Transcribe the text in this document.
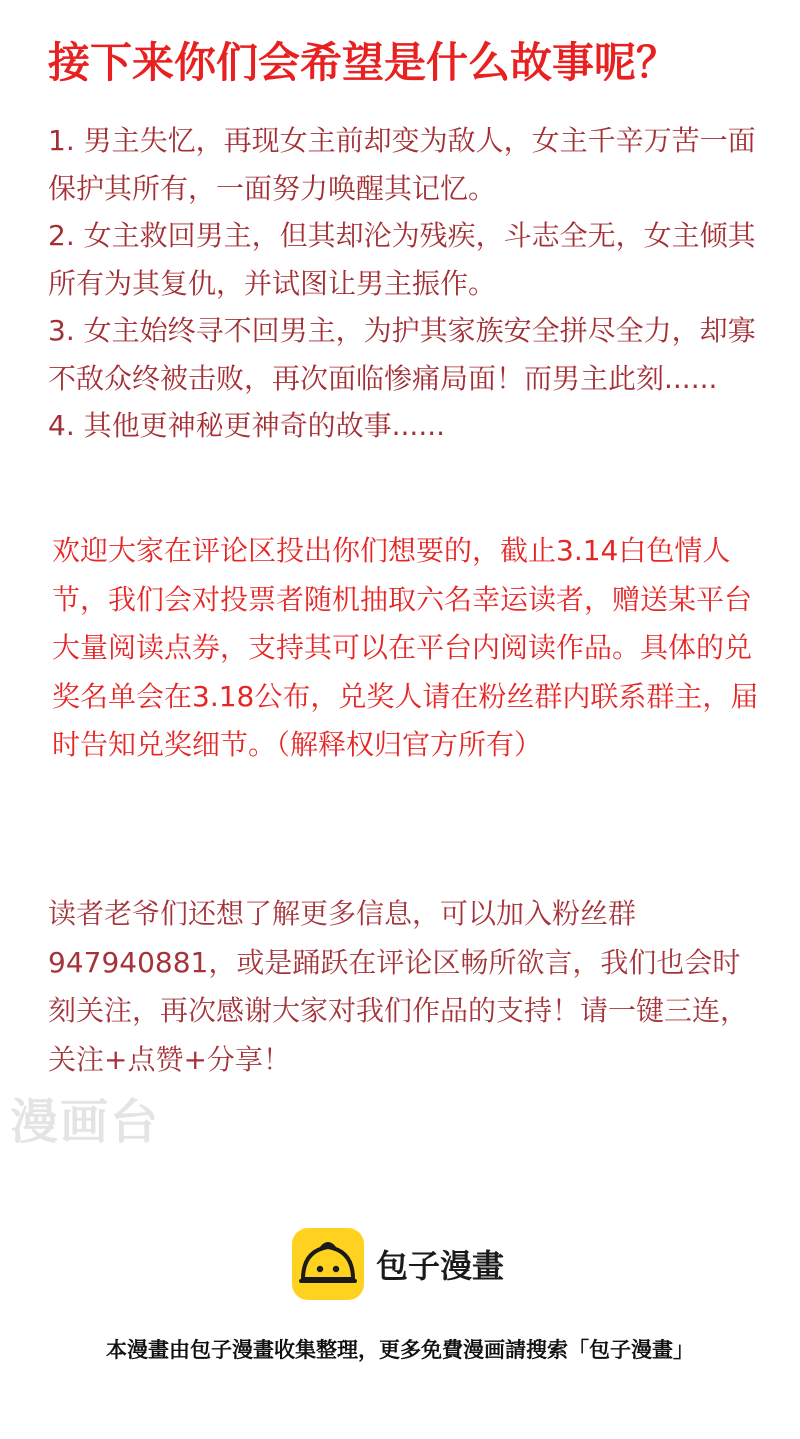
接下来你们会希望是什么故事呢？
1. 男主失忆，再现女主前却变为敌人，女主千辛万苦一面保护其所有，一面努力唤醒其记忆。
2. 女主救回男主，但其却沦为残疾，斗志全无，女主倾其所有为其复仇，并试图让男主振作。
3. 女主始终寻不回男主，为护其家族安全拼尽全力，却寡不敌众终被击败，再次面临惨痛局面！而男主此刻......
4. 其他更神秘更神奇的故事......

欢迎大家在评论区投出你们想要的，截止3.14白色情人节，我们会对投票者随机抽取六名幸运读者，赠送某平台大量阅读点券，支持其可以在平台内阅读作品。具体的兑奖名单会在3.18公布，兑奖人请在粉丝群内联系群主，届时告知兑奖细节。（解释权归官方所有）

读者老爷们还想了解更多信息，可以加入粉丝群947940881，或是踊跃在评论区畅所欲言，我们也会时刻关注，再次感谢大家对我们作品的支持！请一键三连，关注+点赞+分享！

漫画台
包子漫畫
本漫畫由包子漫畫收集整理，更多免費漫画請搜索「包子漫畫」
